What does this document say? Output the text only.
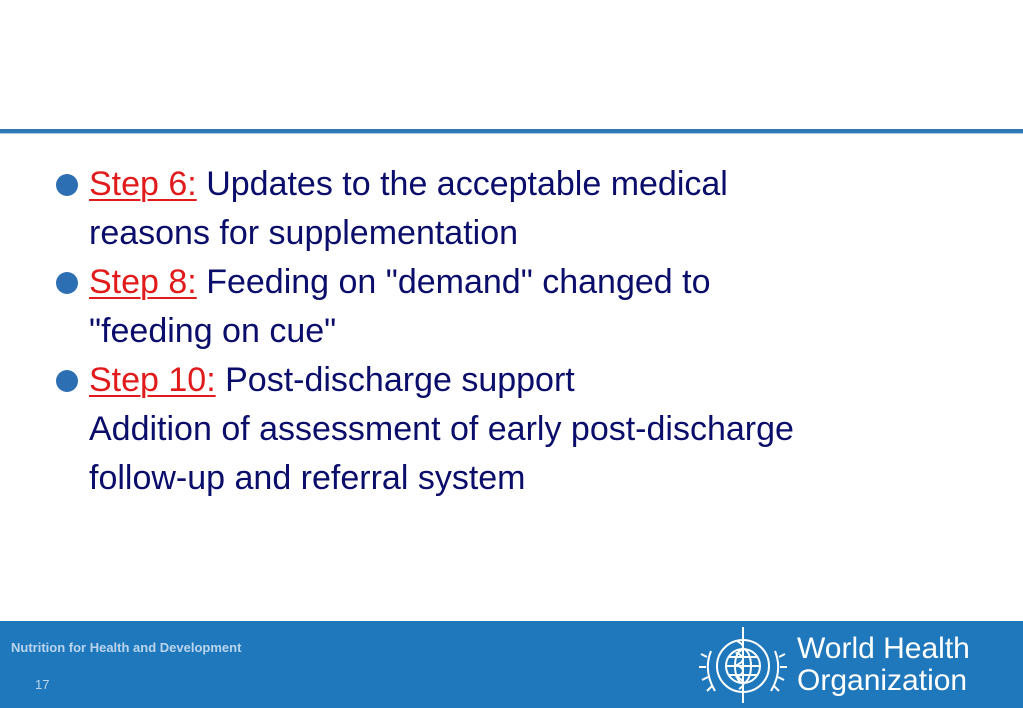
Step 6: Updates to the acceptable medical
reasons for supplementation
Step 8: Feeding on "demand" changed to
"feeding on cue"
Step 10: Post-discharge support
Addition of assessment of early post-discharge
follow-up and referral system
Nutrition for Health and Development
17
World Health
Organization
